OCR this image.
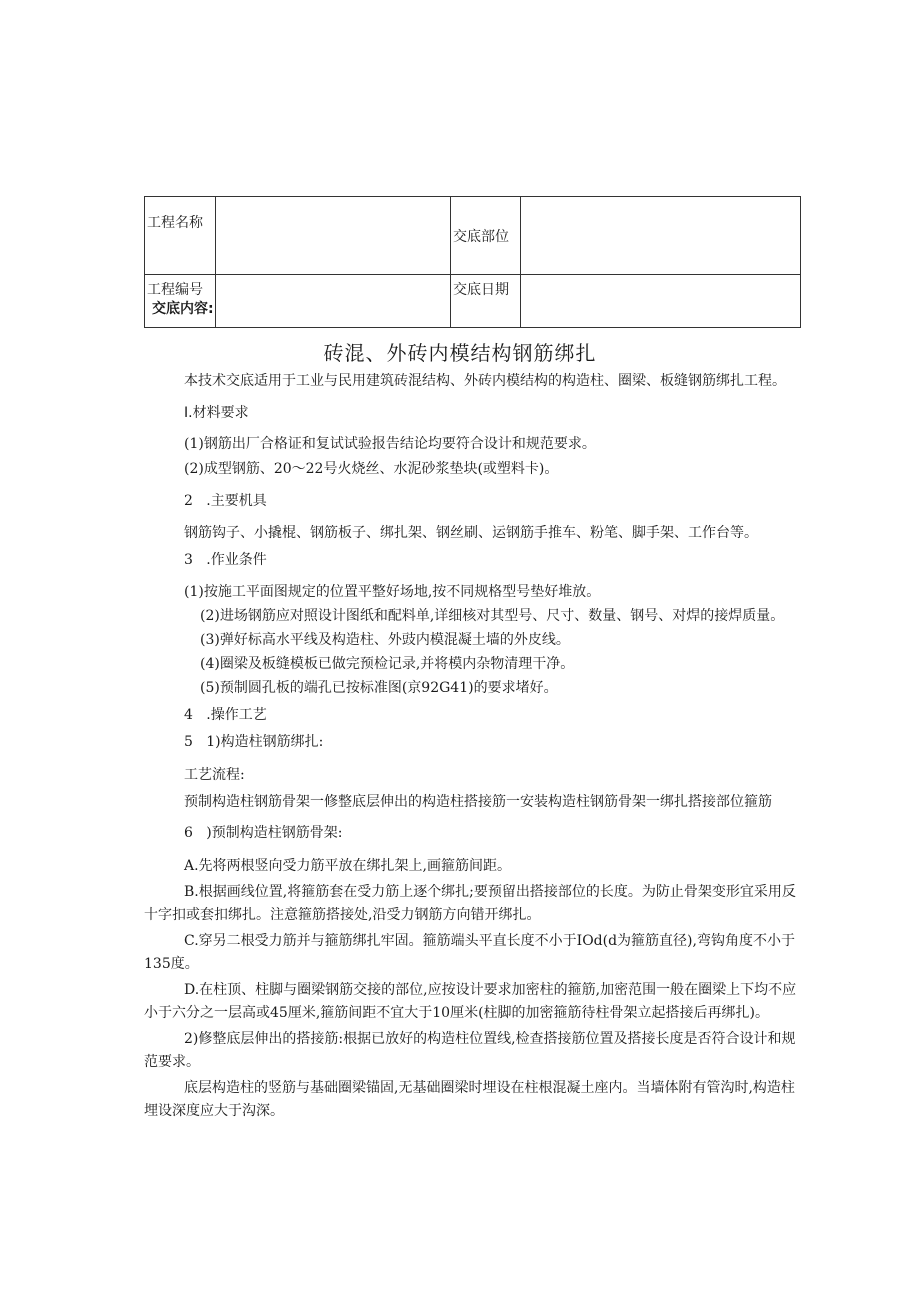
工程名称		交底部位	
工程编号		交底日期	
交底内容:
砖混、外砖内模结构钢筋绑扎

本技术交底适用于工业与民用建筑砖混结构、外砖内模结构的构造柱、圈梁、板缝钢筋绑扎工程。

I.材料要求

(1)钢筋出厂合格证和复试试验报告结论均要符合设计和规范要求。

(2)成型钢筋、20〜22号火烧丝、水泥砂浆垫块(或塑料卡)。

2   .主要机具

钢筋钩子、小撬棍、钢筋板子、绑扎架、钢丝刷、运钢筋手推车、粉笔、脚手架、工作台等。

3   .作业条件

(1)按施工平面图规定的位置平整好场地,按不同规格型号垫好堆放。

(2)进场钢筋应对照设计图纸和配料单,详细核对其型号、尺寸、数量、钢号、对焊的接焊质量。

(3)弹好标高水平线及构造柱、外豉内模混凝土墙的外皮线。

(4)圈梁及板缝模板已做完预检记录,并将模内杂物清理干净。

(5)预制圆孔板的端孔已按标准图(京92G41)的要求堵好。

4   .操作工艺

5   1)构造柱钢筋绑扎:

工艺流程:

预制构造柱钢筋骨架一修整底层伸出的构造柱搭接筋一安装构造柱钢筋骨架一绑扎搭接部位箍筋

6   )预制构造柱钢筋骨架:

A.先将两根竖向受力筋平放在绑扎架上,画箍筋间距。

B.根据画线位置,将箍筋套在受力筋上逐个绑扎;要预留出搭接部位的长度。为防止骨架变形宜采用反十字扣或套扣绑扎。注意箍筋搭接处,沿受力钢筋方向错开绑扎。

C.穿另二根受力筋并与箍筋绑扎牢固。箍筋端头平直长度不小于IOd(d为箍筋直径),弯钩角度不小于135度。

D.在柱顶、柱脚与圈梁钢筋交接的部位,应按设计要求加密柱的箍筋,加密范围一般在圈梁上下均不应小于六分之一层高或45厘米,箍筋间距不宜大于10厘米(柱脚的加密箍筋待柱骨架立起搭接后再绑扎)。

2)修整底层伸出的搭接筋:根据已放好的构造柱位置线,检查搭接筋位置及搭接长度是否符合设计和规范要求。

底层构造柱的竖筋与基础圈梁锚固,无基础圈梁时埋设在柱根混凝土座内。当墙体附有管沟时,构造柱埋设深度应大于沟深。
